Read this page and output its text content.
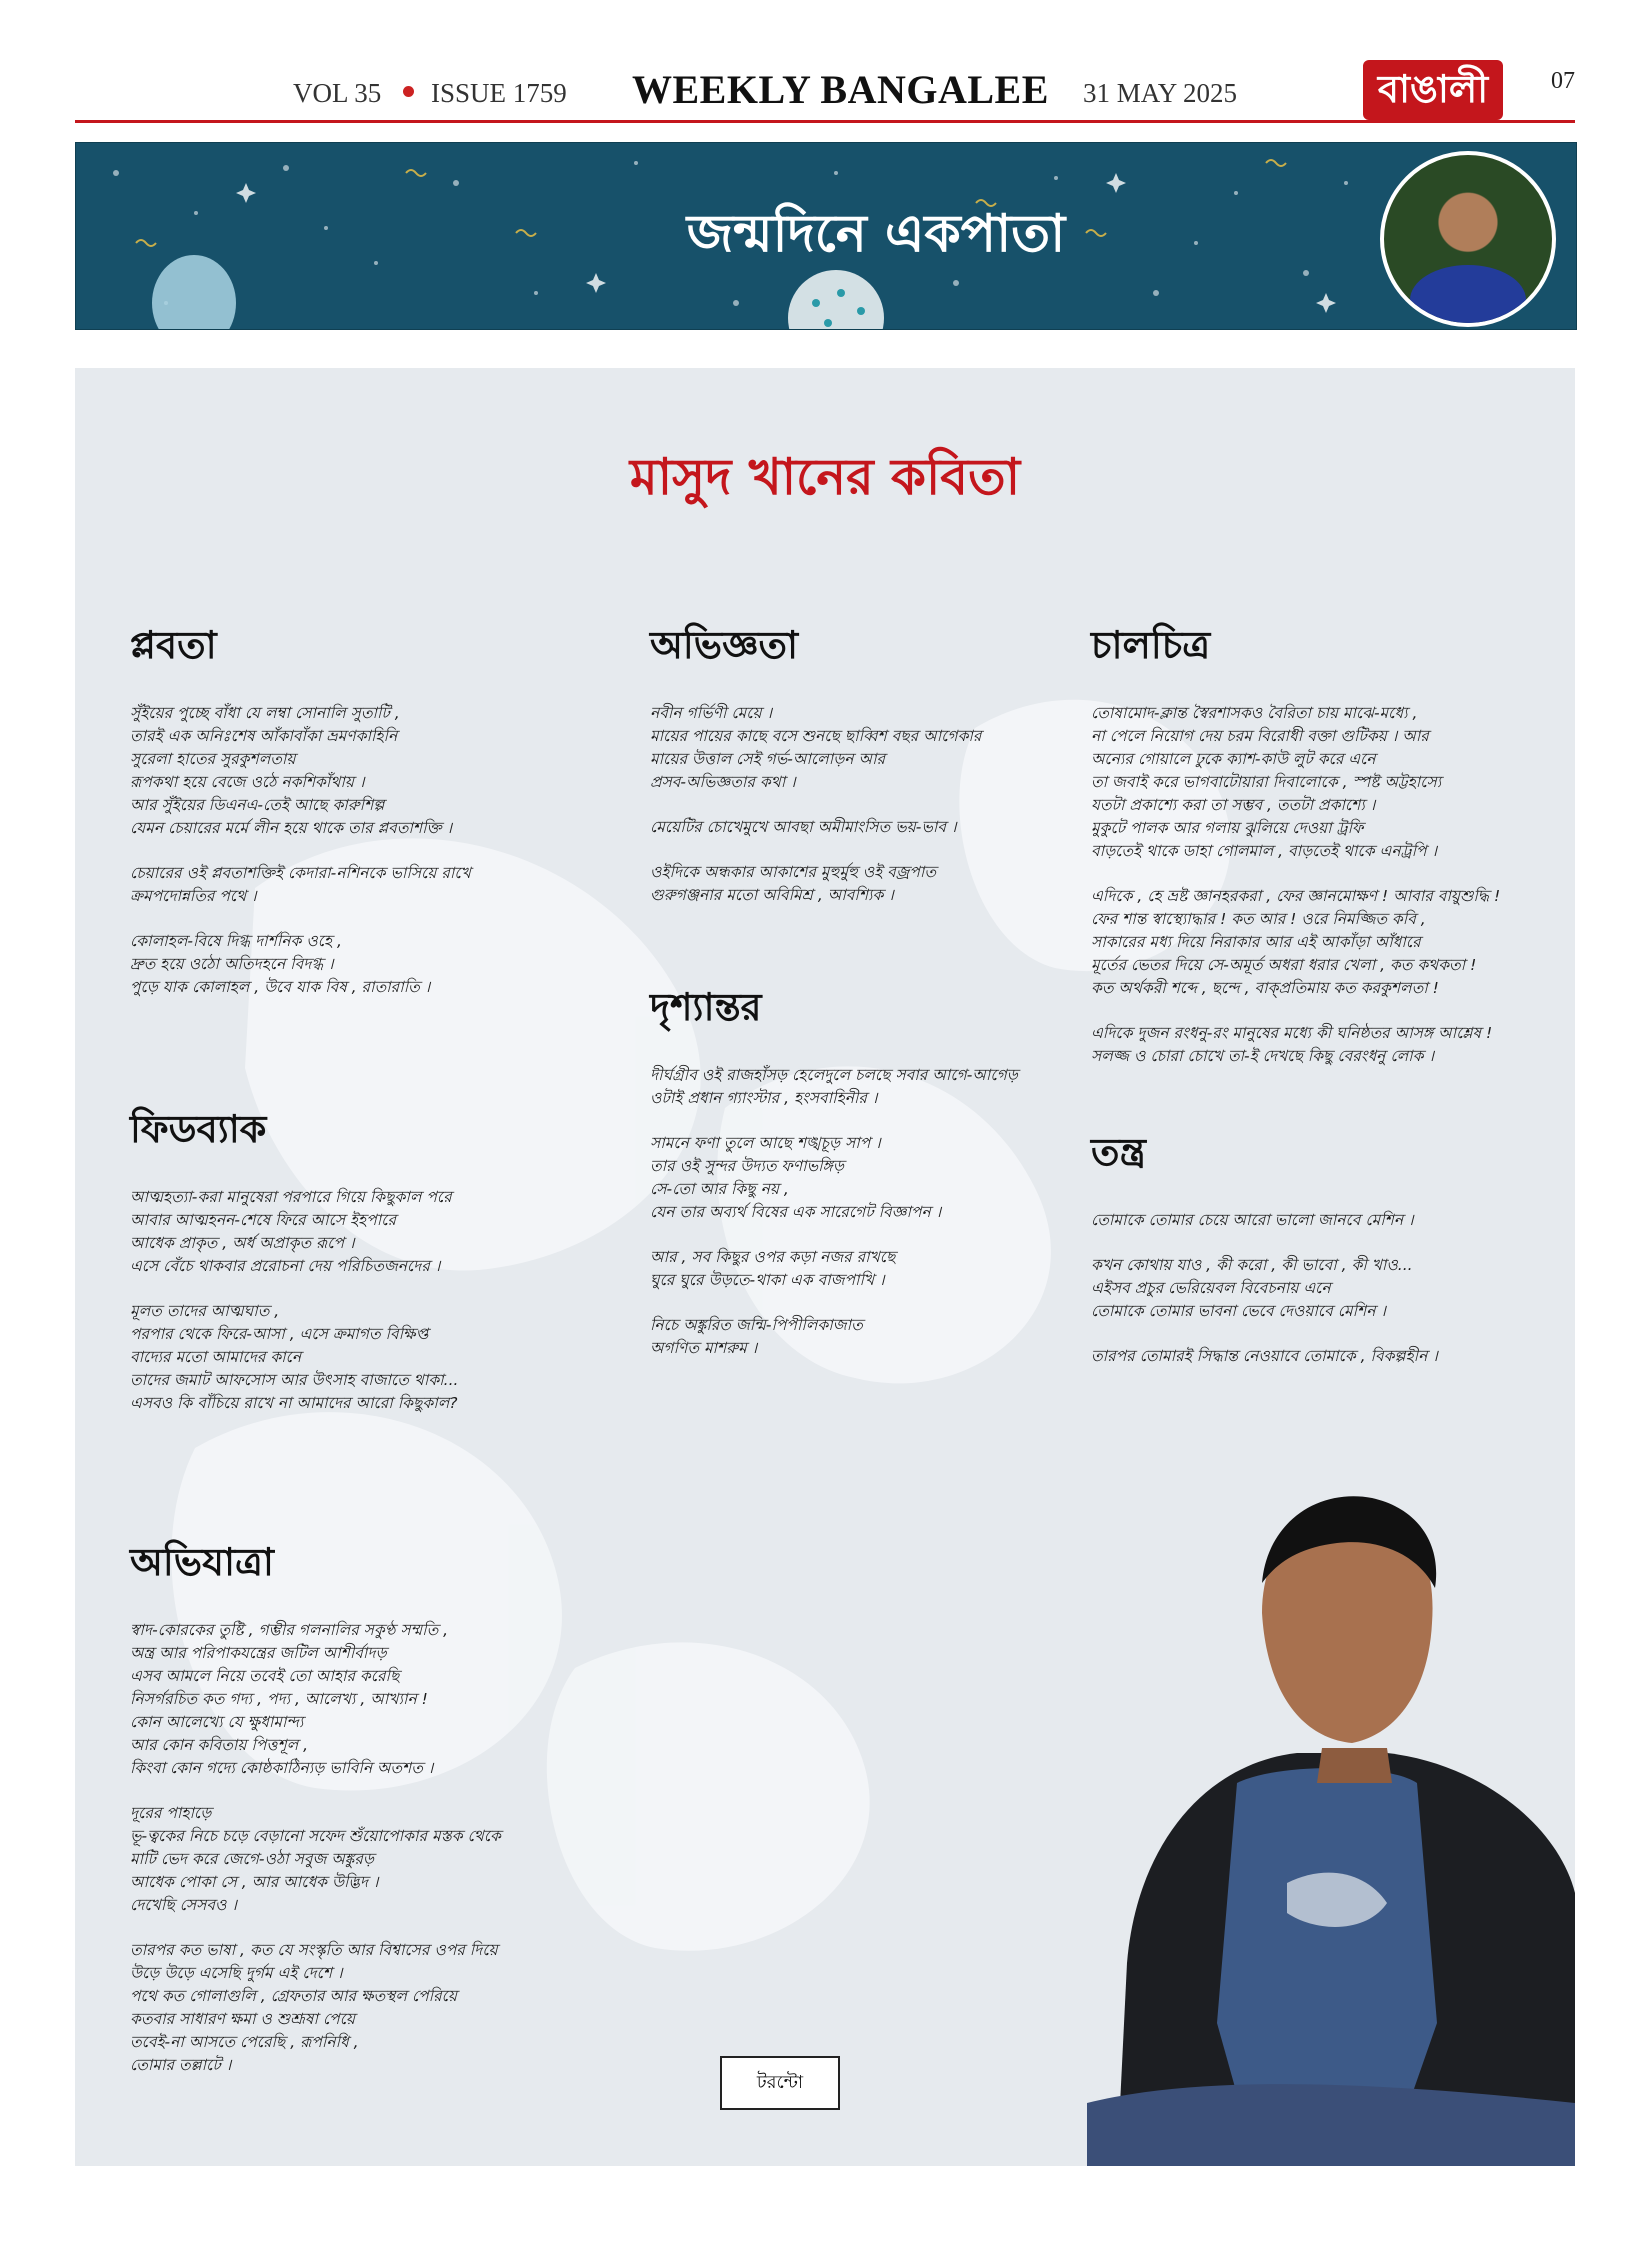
VOL 35 ISSUE 1759 WEEKLY BANGALEE 31 MAY 2025	বাঙালী	07
জন্মদিনে একপাতা
মাসুদ খানের কবিতা
প্লবতা
সুঁইয়ের পুচ্ছে বাঁধা যে লম্বা সোনালি সুতাটি ,
তারই এক অনিঃশেষ আঁকাবাঁকা ভ্রমণকাহিনি
সুরেলা হাতের সুরকুশলতায়
রূপকথা হয়ে বেজে ওঠে নকশিকাঁথায় ।
আর সুঁইয়ের ডিএনএ-তেই আছে কারুশিল্প
যেমন চেয়ারের মর্মে লীন হয়ে থাকে তার প্লবতাশক্তি ।
চেয়ারের ওই প্লবতাশক্তিই কেদারা-নশিনকে ভাসিয়ে রাখে
ক্রমপদোন্নতির পথে ।
কোলাহল-বিষে দিগ্ধ দার্শনিক ওহে ,
দ্রুত হয়ে ওঠো অতিদহনে বিদগ্ধ ।
পুড়ে যাক কোলাহল , উবে যাক বিষ , রাতারাতি ।
অভিজ্ঞতা
নবীন গর্ভিণী মেয়ে ।
মায়ের পায়ের কাছে বসে শুনছে ছাব্বিশ বছর আগেকার
মায়ের উত্তাল সেই গর্ভ-আলোড়ন আর
প্রসব-অভিজ্ঞতার কথা ।
মেয়েটির চোখেমুখে আবছা অমীমাংসিত ভয়-ভাব ।
ওইদিকে অন্ধকার আকাশের মুহুর্মুহু ওই বজ্রপাত
গুরুগঞ্জনার মতো অবিমিশ্র , আবশ্যিক ।
চালচিত্র
তোষামোদ-ক্লান্ত স্বৈরশাসকও বৈরিতা চায় মাঝে-মধ্যে ,
না পেলে নিয়োগ দেয় চরম বিরোধী বক্তা গুটিকয় । আর
অন্যের গোয়ালে ঢুকে ক্যাশ-কাউ লুট করে এনে
তা জবাই করে ভাগবাটোয়ারা দিবালোকে , স্পষ্ট অট্টহাস্যে
যতটা প্রকাশ্যে করা তা সম্ভব , ততটা প্রকাশ্যে ।
মুকুটে পালক আর গলায় ঝুলিয়ে দেওয়া ট্রফি
বাড়তেই থাকে ডাহা গোলমাল , বাড়তেই থাকে এনট্রপি ।
এদিকে , হে ভ্রষ্ট জ্ঞানহরকরা , ফের জ্ঞানমোক্ষণ ! আবার বায়ুশুদ্ধি !
ফের শান্ত স্বাস্থ্যোদ্ধার ! কত আর ! ওরে নিমজ্জিত কবি ,
সাকারের মধ্য দিয়ে নিরাকার আর এই আকাঁড়া আঁধারে
মূর্তের ভেতর দিয়ে সে-অমূর্ত অধরা ধরার খেলা , কত কথকতা !
কত অর্থকরী শব্দে , ছন্দে , বাক্প্রতিমায় কত করকুশলতা !
এদিকে দুজন রংধনু-রং মানুষের মধ্যে কী ঘনিষ্ঠতর আসঙ্গ আশ্লেষ !
সলজ্জ ও চোরা চোখে তা-ই দেখছে কিছু বেরংধনু লোক ।
ফিডব্যাক
আত্মহত্যা-করা মানুষেরা পরপারে গিয়ে কিছুকাল পরে
আবার আত্মহনন-শেষে ফিরে আসে ইহপারে
আধেক প্রাকৃত , অর্ধ অপ্রাকৃত রূপে ।
এসে বেঁচে থাকবার প্ররোচনা দেয় পরিচিতজনদের ।
মূলত তাদের আত্মঘাত ,
পরপার থেকে ফিরে-আসা , এসে ক্রমাগত বিক্ষিপ্ত
বাদ্যের মতো আমাদের কানে
তাদের জমাট আফসোস আর উৎসাহ বাজাতে থাকা...
এসবও কি বাঁচিয়ে রাখে না আমাদের আরো কিছুকাল?
দৃশ্যান্তর
দীর্ঘগ্রীব ওই রাজহাঁসড় হেলেদুলে চলছে সবার আগে-আগেড়
ওটাই প্রধান গ্যাংস্টার , হংসবাহিনীর ।
সামনে ফণা তুলে আছে শঙ্খচূড় সাপ ।
তার ওই সুন্দর উদ্যত ফণাভঙ্গিড়
সে-তো আর কিছু নয় ,
যেন তার অব্যর্থ বিষের এক সারেগেট বিজ্ঞাপন ।
আর , সব কিছুর ওপর কড়া নজর রাখছে
ঘুরে ঘুরে উড়তে-থাকা এক বাজপাখি ।
নিচে অঙ্কুরিত জন্মি-পিপীলিকাজাত
অগণিত মাশরুম ।
তন্ত্র
তোমাকে তোমার চেয়ে আরো ভালো জানবে মেশিন ।
কখন কোথায় যাও , কী করো , কী ভাবো , কী খাও...
এইসব প্রচুর ভেরিয়েবল বিবেচনায় এনে
তোমাকে তোমার ভাবনা ভেবে দেওয়াবে মেশিন ।
তারপর তোমারই সিদ্ধান্ত নেওয়াবে তোমাকে , বিকল্পহীন ।
অভিযাত্রা
স্বাদ-কোরকের তুষ্টি , গম্ভীর গলনালির সকুণ্ঠ সম্মতি ,
অন্ত্র আর পরিপাকযন্ত্রের জটিল আশীর্বাদড়
এসব আমলে নিয়ে তবেই তো আহার করেছি
নিসর্গরচিত কত গদ্য , পদ্য , আলেখ্য , আখ্যান !
কোন আলেখ্যে যে ক্ষুধামান্দ্য
আর কোন কবিতায় পিত্তশূল ,
কিংবা কোন গদ্যে কোষ্ঠকাঠিন্যড় ভাবিনি অতশত ।
দূরের পাহাড়ে
ভূ-ত্বকের নিচে চড়ে বেড়ানো সফেদ শুঁয়োপোকার মস্তক থেকে
মাটি ভেদ করে জেগে-ওঠা সবুজ অঙ্কুরড়
আধেক পোকা সে , আর আধেক উদ্ভিদ ।
দেখেছি সেসবও ।
তারপর কত ভাষা , কত যে সংস্কৃতি আর বিশ্বাসের ওপর দিয়ে
উড়ে উড়ে এসেছি দুর্গম এই দেশে ।
পথে কত গোলাগুলি , গ্রেফতার আর ক্ষতস্থল পেরিয়ে
কতবার সাধারণ ক্ষমা ও শুশ্রূষা পেয়ে
তবেই-না আসতে পেরেছি , রূপনিধি ,
তোমার তল্লাটে ।
টরন্টো
